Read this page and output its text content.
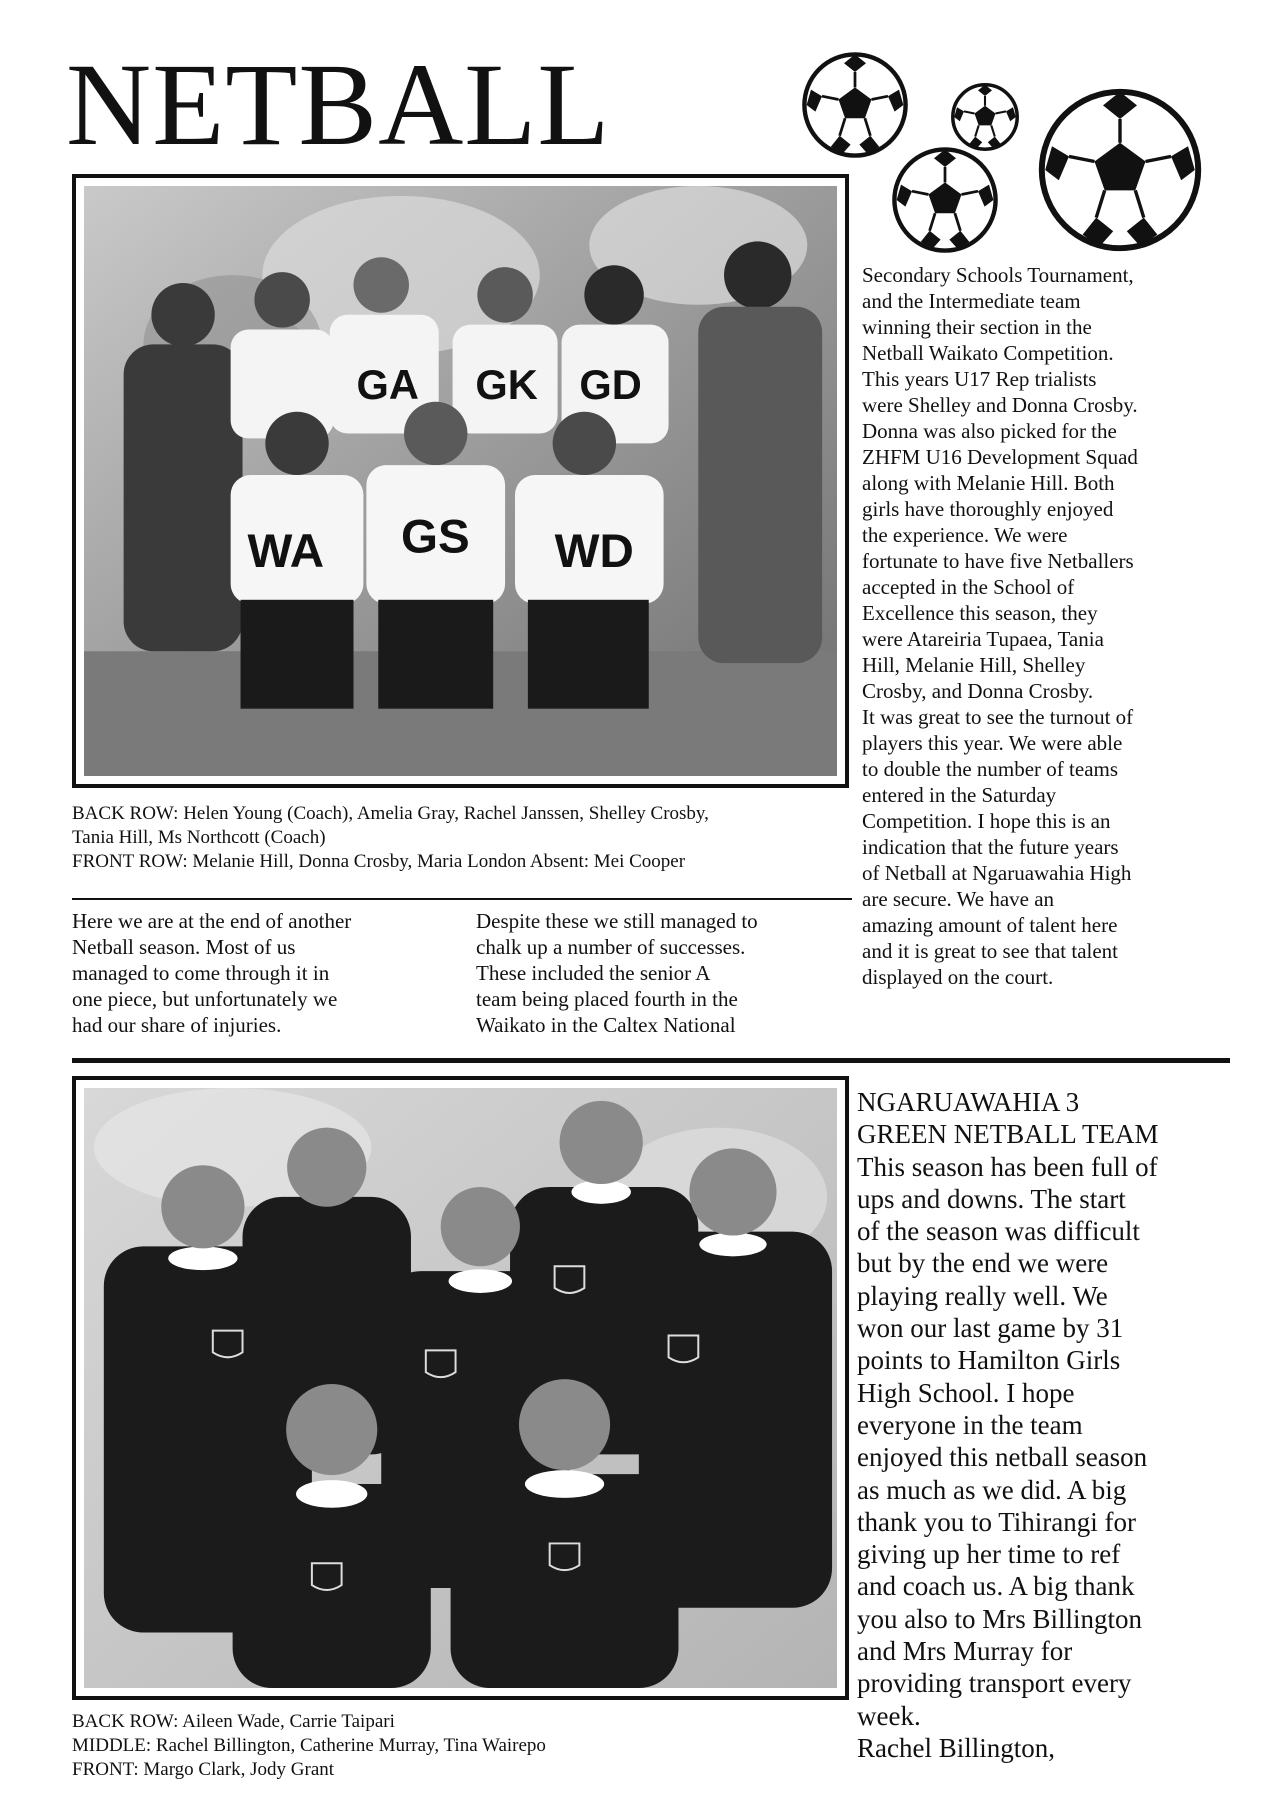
NETBALL
GA GK GD
WA GS WD
BACK ROW: Helen Young (Coach), Amelia Gray, Rachel Janssen, Shelley Crosby,
Tania Hill, Ms Northcott (Coach)
FRONT ROW: Melanie Hill, Donna Crosby, Maria London Absent: Mei Cooper
Here we are at the end of another
Netball season. Most of us
managed to come through it in
one piece, but unfortunately we
had our share of injuries.
Despite these we still managed to
chalk up a number of successes.
These included the senior A
team being placed fourth in the
Waikato in the Caltex National
Secondary Schools Tournament,
and the Intermediate team
winning their section in the
Netball Waikato Competition.
This years U17 Rep trialists
were Shelley and Donna Crosby.
Donna was also picked for the
ZHFM U16 Development Squad
along with Melanie Hill. Both
girls have thoroughly enjoyed
the experience. We were
fortunate to have five Netballers
accepted in the School of
Excellence this season, they
were Atareiria Tupaea, Tania
Hill, Melanie Hill, Shelley
Crosby, and Donna Crosby.
It was great to see the turnout of
players this year. We were able
to double the number of teams
entered in the Saturday
Competition. I hope this is an
indication that the future years
of Netball at Ngaruawahia High
are secure. We have an
amazing amount of talent here
and it is great to see that talent
displayed on the court.
BACK ROW: Aileen Wade, Carrie Taipari
MIDDLE: Rachel Billington, Catherine Murray, Tina Wairepo
FRONT: Margo Clark, Jody Grant
NGARUAWAHIA 3
GREEN NETBALL TEAM
This season has been full of
ups and downs. The start
of the season was difficult
but by the end we were
playing really well. We
won our last game by 31
points to Hamilton Girls
High School. I hope
everyone in the team
enjoyed this netball season
as much as we did. A big
thank you to Tihirangi for
giving up her time to ref
and coach us. A big thank
you also to Mrs Billington
and Mrs Murray for
providing transport every
week.
Rachel Billington,
